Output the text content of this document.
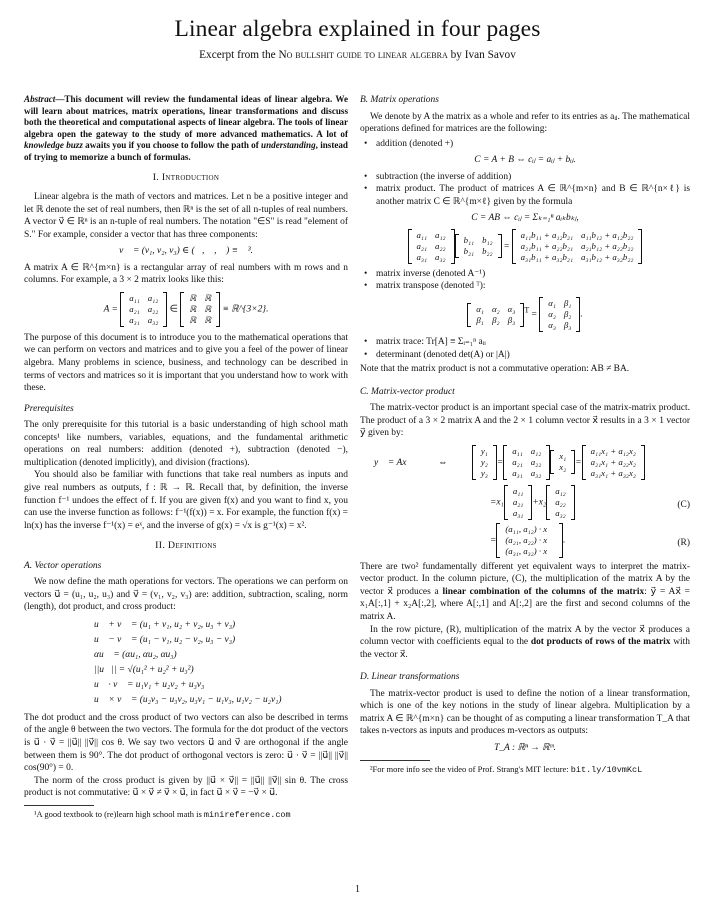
Linear algebra explained in four pages
Excerpt from the No bullshit guide to linear algebra by Ivan Savov

Abstract—This document will review the fundamental ideas of linear algebra. We will learn about matrices, matrix operations, linear transformations and discuss both the theoretical and computational aspects of linear algebra. The tools of linear algebra open the gateway to the study of more advanced mathematics. A lot of knowledge buzz awaits you if you choose to follow the path of understanding, instead of trying to memorize a bunch of formulas.

I. Introduction

Linear algebra is the math of vectors and matrices. Let n be a positive integer and let ℝ denote the set of real numbers, then ℝⁿ is the set of all n-tuples of real numbers. A vector v⃗ ∈ ℝⁿ is an n-tuple of real numbers. The notation "∈S" is read "element of S." For example, consider a vector that has three components:

v⃗ = (v₁, v₂, v₃) ∈ (ℝ, ℝ, ℝ) ≡ ℝ³.

A matrix A ∈ ℝ^{m×n} is a rectangular array of real numbers with m rows and n columns. For example, a 3 × 2 matrix looks like this:

A =
a₁₁	a₁₂
a₂₁	a₂₂
a₃₁	a₃₂
∈
ℝ	ℝ
ℝ	ℝ
ℝ	ℝ
≡ ℝ^{3×2}.

The purpose of this document is to introduce you to the mathematical operations that we can perform on vectors and matrices and to give you a feel of the power of linear algebra. Many problems in science, business, and technology can be described in terms of vectors and matrices so it is important that you understand how to work with these.

Prerequisites

The only prerequisite for this tutorial is a basic understanding of high school math concepts¹ like numbers, variables, equations, and the fundamental arithmetic operations on real numbers: addition (denoted +), subtraction (denoted −), multiplication (denoted implicitly), and division (fractions).

You should also be familiar with functions that take real numbers as inputs and give real numbers as outputs, f : ℝ → ℝ. Recall that, by definition, the inverse function f⁻¹ undoes the effect of f. If you are given f(x) and you want to find x, you can use the inverse function as follows: f⁻¹(f(x)) = x. For example, the function f(x) = ln(x) has the inverse f⁻¹(x) = eˣ, and the inverse of g(x) = √x is g⁻¹(x) = x².

II. Definitions
A. Vector operations

We now define the math operations for vectors. The operations we can perform on vectors u⃗ = (u₁, u₂, u₃) and v⃗ = (v₁, v₂, v₃) are: addition, subtraction, scaling, norm (length), dot product, and cross product:

u⃗ + v⃗ = (u₁ + v₁, u₂ + v₂, u₃ + v₃)
u⃗ − v⃗ = (u₁ − v₁, u₂ − v₂, u₃ − v₃)
αu⃗ = (αu₁, αu₂, αu₃)
||u⃗|| = √(u₁² + u₂² + u₃²)
u⃗ · v⃗ = u₁v₁ + u₂v₂ + u₃v₃
u⃗ × v⃗ = (u₂v₃ − u₃v₂, u₃v₁ − u₁v₃, u₁v₂ − u₂v₁)

The dot product and the cross product of two vectors can also be described in terms of the angle θ between the two vectors. The formula for the dot product of the vectors is u⃗ · v⃗ = ||u⃗|| ||v⃗|| cos θ. We say two vectors u⃗ and v⃗ are orthogonal if the angle between them is 90°. The dot product of orthogonal vectors is zero: u⃗ · v⃗ = ||u⃗|| ||v⃗|| cos(90°) = 0.

The norm of the cross product is given by ||u⃗ × v⃗|| = ||u⃗|| ||v⃗|| sin θ. The cross product is not commutative: u⃗ × v⃗ ≠ v⃗ × u⃗, in fact u⃗ × v⃗ = −v⃗ × u⃗.

¹A good textbook to (re)learn high school math is minireference.com

B. Matrix operations

We denote by A the matrix as a whole and refer to its entries as aᵢⱼ. The mathematical operations defined for matrices are the following:

• addition (denoted +)
C = A + B ⇔ cᵢⱼ = aᵢⱼ + bᵢⱼ.
• subtraction (the inverse of addition)
• matrix product. The product of matrices A ∈ ℝ^{m×n} and B ∈ ℝ^{n×ℓ} is another matrix C ∈ ℝ^{m×ℓ} given by the formula
C = AB ⇔ cᵢⱼ = Σₖ₌₁ⁿ aᵢₖbₖⱼ,
a₁₁	a₁₂
a₂₁	a₂₂
a₃₁	a₃₂
b₁₁	b₁₂
b₂₁	b₂₂ =
a₁₁b₁₁ + a₁₂b₂₁	a₁₁b₁₂ + a₁₂b₂₂
a₂₁b₁₁ + a₂₂b₂₁	a₂₁b₁₂ + a₂₂b₂₂
a₃₁b₁₁ + a₃₂b₂₁	a₃₁b₁₂ + a₃₂b₂₂
• matrix inverse (denoted A⁻¹)
• matrix transpose (denoted ᵀ):
α₁	α₂	α₃
β₁	β₂	β₃
$^T$ =
α₁	β₁
α₂	β₂
α₃	β₃
.
• matrix trace: Tr[A] ≡ Σᵢ₌₁ⁿ aᵢᵢ
• determinant (denoted det(A) or |A|)

Note that the matrix product is not a commutative operation: AB ≠ BA.

C. Matrix-vector product

The matrix-vector product is an important special case of the matrix-matrix product. The product of a 3 × 2 matrix A and the 2 × 1 column vector x⃗ results in a 3 × 1 vector y⃗ given by:

y⃗ = Ax⃗	⇔
y₁
y₂
y₃
=
a₁₁	a₁₂
a₂₁	a₂₂
a₃₁	a₃₂
x₁
x₂ =
a₁₁x₁ + a₁₂x₂
a₂₁x₁ + a₂₂x₂
a₃₁x₁ + a₃₂x₂
=x₁
a₁₁
a₂₁
a₃₁
+x₂
a₁₂
a₂₂
a₃₂
(C)
=
(a₁₁, a₁₂) · x⃗
(a₂₁, a₂₂) · x⃗
(a₃₁, a₃₂) · x⃗
.	(R)

There are two² fundamentally different yet equivalent ways to interpret the matrix-vector product. In the column picture, (C), the multiplication of the matrix A by the vector x⃗ produces a linear combination of the columns of the matrix: y⃗ = Ax⃗ = x₁A[:,1] + x₂A[:,2], where A[:,1] and A[:,2] are the first and second columns of the matrix A.

In the row picture, (R), multiplication of the matrix A by the vector x⃗ produces a column vector with coefficients equal to the dot products of rows of the matrix with the vector x⃗.

D. Linear transformations

The matrix-vector product is used to define the notion of a linear transformation, which is one of the key notions in the study of linear algebra. Multiplication by a matrix A ∈ ℝ^{m×n} can be thought of as computing a linear transformation T_A that takes n-vectors as inputs and produces m-vectors as outputs:

T_A : ℝⁿ → ℝᵐ.

²For more info see the video of Prof. Strang's MIT lecture: bit.ly/10vmKcL

1
